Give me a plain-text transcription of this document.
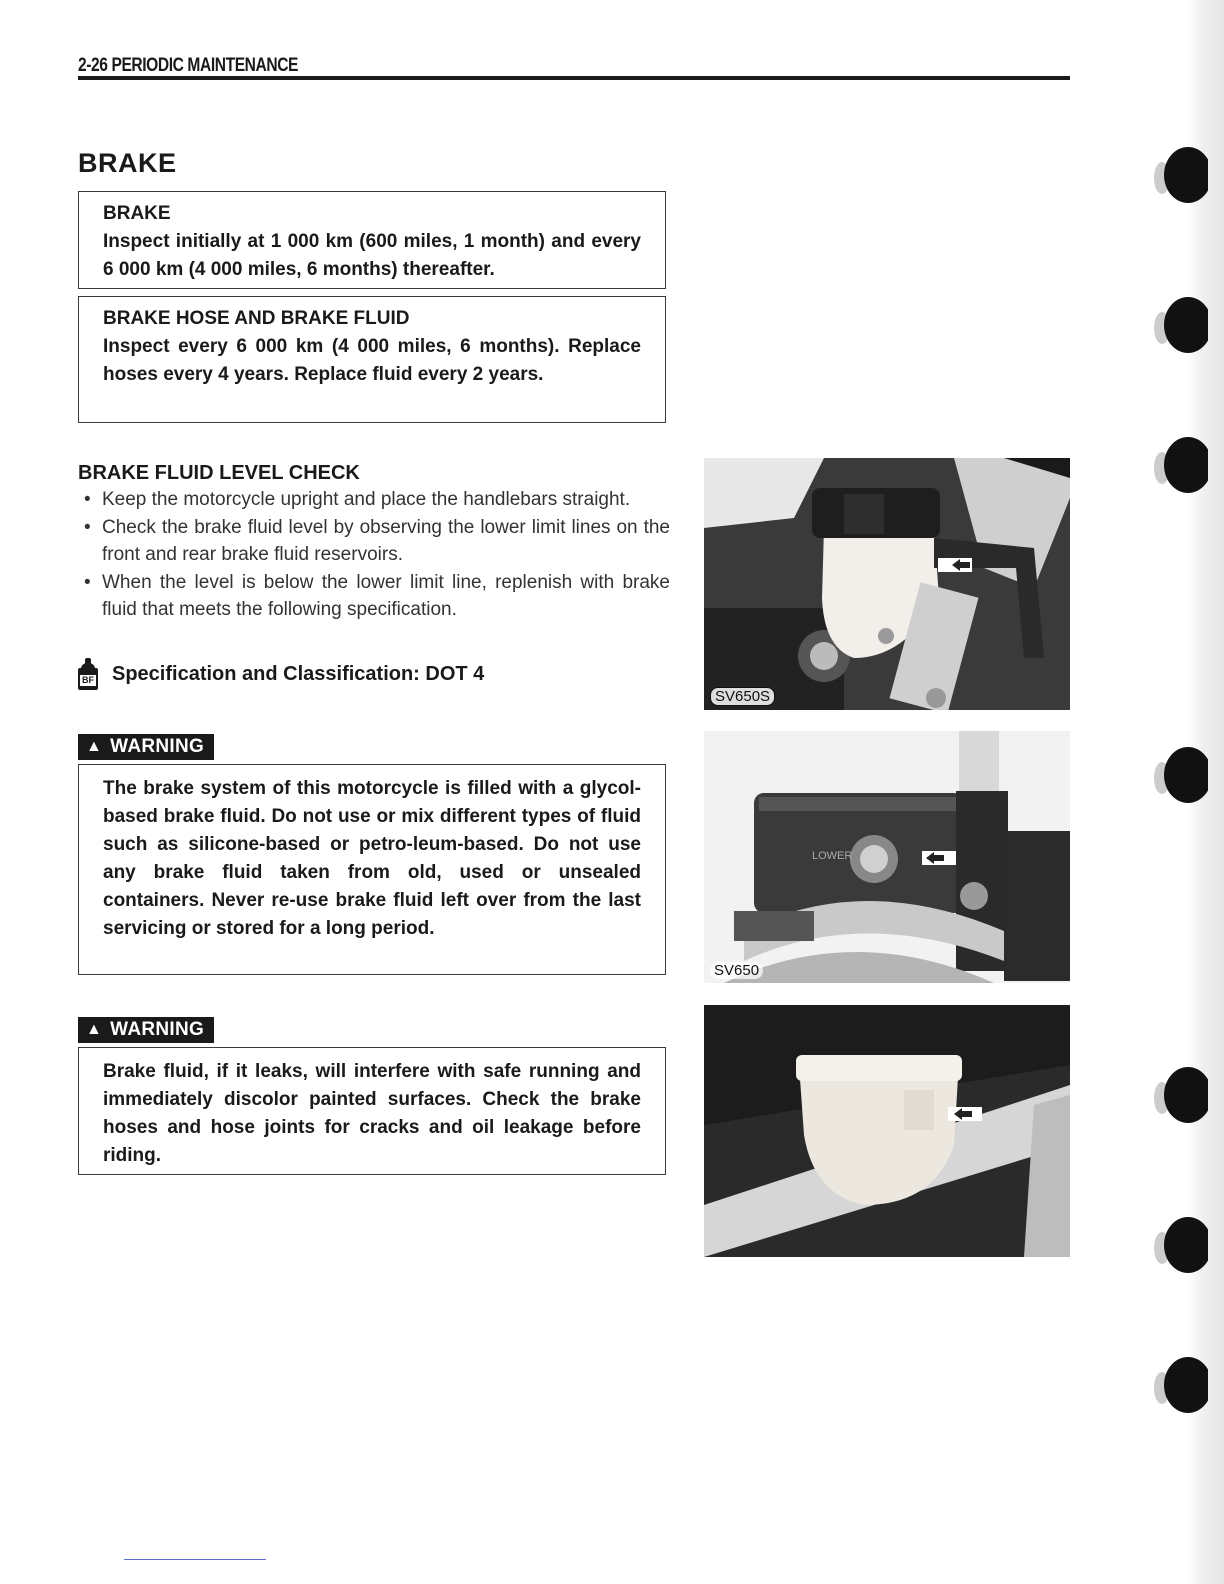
2-26 PERIODIC MAINTENANCE
BRAKE
BRAKE
Inspect initially at 1 000 km (600 miles, 1 month) and every 6 000 km (4 000 miles, 6 months) thereafter.
BRAKE HOSE AND BRAKE FLUID
Inspect every 6 000 km (4 000 miles, 6 months). Replace hoses every 4 years. Replace fluid every 2 years.
BRAKE FLUID LEVEL CHECK
• Keep the motorcycle upright and place the handlebars straight.
• Check the brake fluid level by observing the lower limit lines on the front and rear brake fluid reservoirs.
• When the level is below the lower limit line, replenish with brake fluid that meets the following specification.
BF Specification and Classification: DOT 4
▲ WARNING
The brake system of this motorcycle is filled with a glycol-based brake fluid. Do not use or mix different types of fluid such as silicone-based or petro-leum-based. Do not use any brake fluid taken from old, used or unsealed containers. Never re-use brake fluid left over from the last servicing or stored for a long period.
▲ WARNING
Brake fluid, if it leaks, will interfere with safe running and immediately discolor painted surfaces. Check the brake hoses and hose joints for cracks and oil leakage before riding.
SV650S
LOWER
SV650
